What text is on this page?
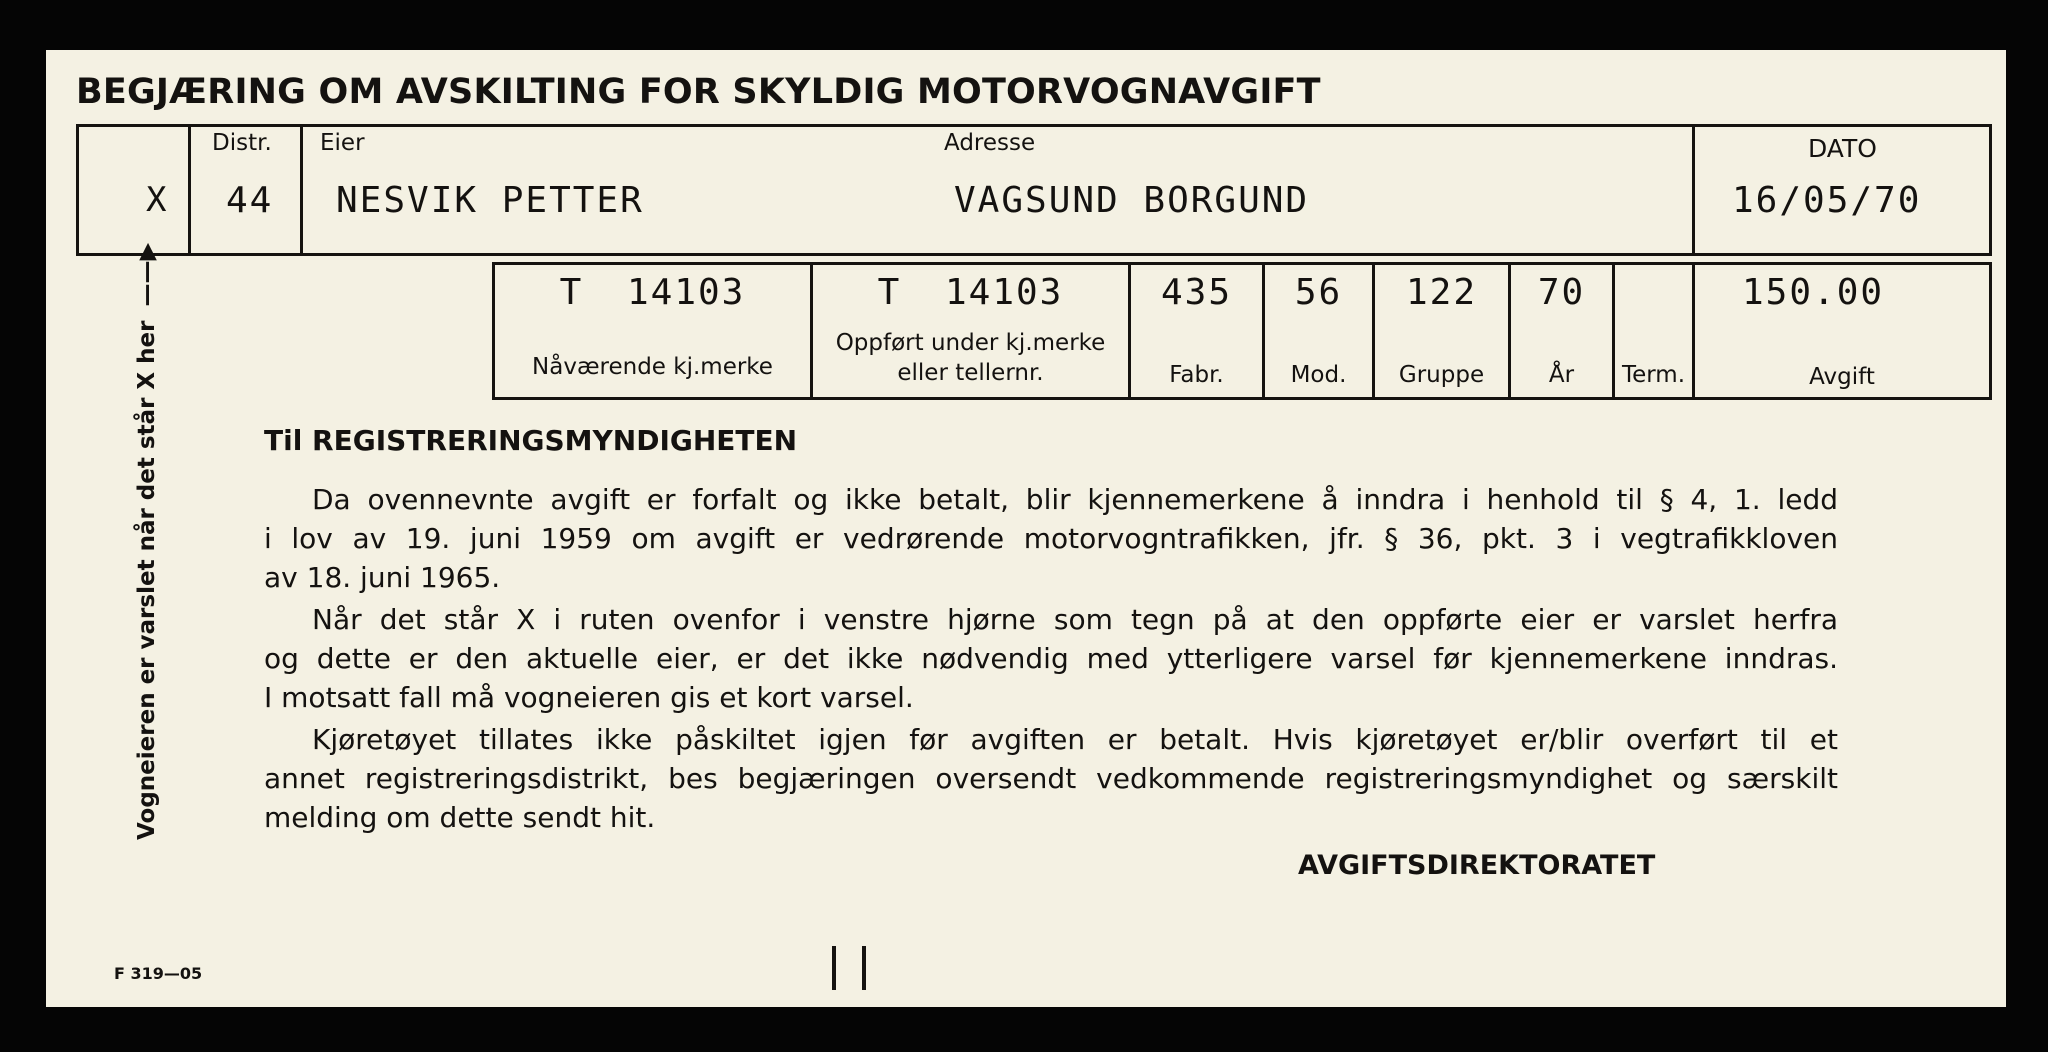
BEGJÆRING OM AVSKILTING FOR SKYLDIG MOTORVOGNAVGIFT
X
Distr.
44
Eier
NESVIK PETTER
Adresse
VAGSUND BORGUND
DATO
16/05/70
T 14103
Nåværende kj.merke
T 14103
Oppført under kj.merke
eller tellernr.
435
Fabr.
56
Mod.
122
Gruppe
70
År	Term.
150.00
Avgift
Vogneieren er varslet når det står X her ——▶
Til REGISTRERINGSMYNDIGHETEN
Da ovennevnte avgift er forfalt og ikke betalt, blir kjennemerkene å inndra i henhold til § 4, 1. ledd
i lov av 19. juni 1959 om avgift er vedrørende motorvogntrafikken, jfr. § 36, pkt. 3 i vegtrafikkloven
av 18. juni 1965.
Når det står X i ruten ovenfor i venstre hjørne som tegn på at den oppførte eier er varslet herfra
og dette er den aktuelle eier, er det ikke nødvendig med ytterligere varsel før kjennemerkene inndras.
I motsatt fall må vogneieren gis et kort varsel.
Kjøretøyet tillates ikke påskiltet igjen før avgiften er betalt. Hvis kjøretøyet er/blir overført til et
annet registreringsdistrikt, bes begjæringen oversendt vedkommende registreringsmyndighet og særskilt
melding om dette sendt hit.
AVGIFTSDIREKTORATET
F 319—05
